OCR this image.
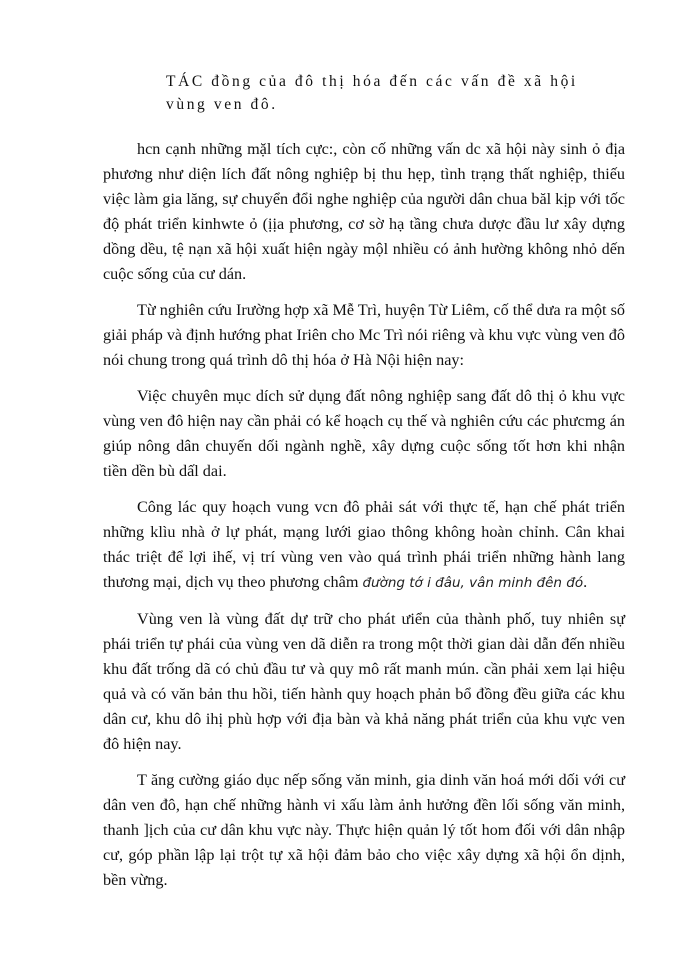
TÁC đồng của đô thị hóa đến các vấn đề xã hội vùng ven đô.

hcn cạnh những mặl tích cực:, còn cố những vấn dc xã hội này sinh ỏ địa phương như diện lích đất nông nghiệp bị thu hẹp, tình trạng thất nghiệp, thiếu việc làm gia lăng, sự chuyển đổi nghe nghiệp của người dân chua băl kịp với tốc độ phát triển kinhwte ỏ (ịịa phương, cơ sờ hạ tầng chưa dược đầu lư xây dựng dồng dều, tệ nạn xã hội xuất hiện ngày mộl nhiều có ảnh hường không nhỏ dến cuộc sống của cư dán.

Từ nghiên cứu Irường hợp xã Mễ Trì, huyện Từ Liêm, cố thể dưa ra một số giải pháp và định hướng phat Iriên cho Mc Trì nói riêng và khu vực vùng ven đô nói chung trong quá trình dô thị hóa ở Hà Nội hiện nay:

Việc chuyên mục dích sử dụng đất nông nghiệp sang đất dô thị ỏ khu vực vùng ven đô hiện nay cần phải có kể hoạch cụ thế và nghiên cứu các phưcmg án giúp nông dân chuyến dối ngành nghề, xây dựng cuộc sống tốt hơn khi nhận tiền dền bù dấl dai.

Công lác quy hoạch vung vcn đô phải sát với thực tế, hạn chế phát triển những klìu nhà ở lự phát, mạng lưới giao thông không hoàn chỉnh. Cân khai thác triệt để lợi ihế, vị trí vùng ven vào quá trình phái triển những hành lang thương mại, dịch vụ theo phương châm đường tớ i đâu, vân minh đên đó.

Vùng ven là vùng đất dự trữ cho phát ưiển của thành phố, tuy nhiên sự phái triển tự phái của vùng ven dã diễn ra trong một thời gian dài dẫn đến nhiều khu đất trống dã có chủ đầu tư và quy mô rất manh mún. cần phải xem lại hiệu quả và có văn bản thu hồi, tiến hành quy hoạch phản bổ đồng đều giữa các khu dân cư, khu dô ihị phù hợp với địa bàn và khả năng phát triển của khu vực ven đô hiện nay.

T ăng cường giáo dục nếp sống văn minh, gia dinh văn hoá mới dối với cư dân ven đô, hạn chế những hành vi xấu làm ảnh hưởng đền lối sống văn minh, thanh ]ịch của cư dân khu vực này. Thực hiện quản lý tốt hom đối với dân nhập cư, góp phần lập lại trột tự xã hội đảm bảo cho việc xây dựng xã hội ổn dịnh, bền vừng.
